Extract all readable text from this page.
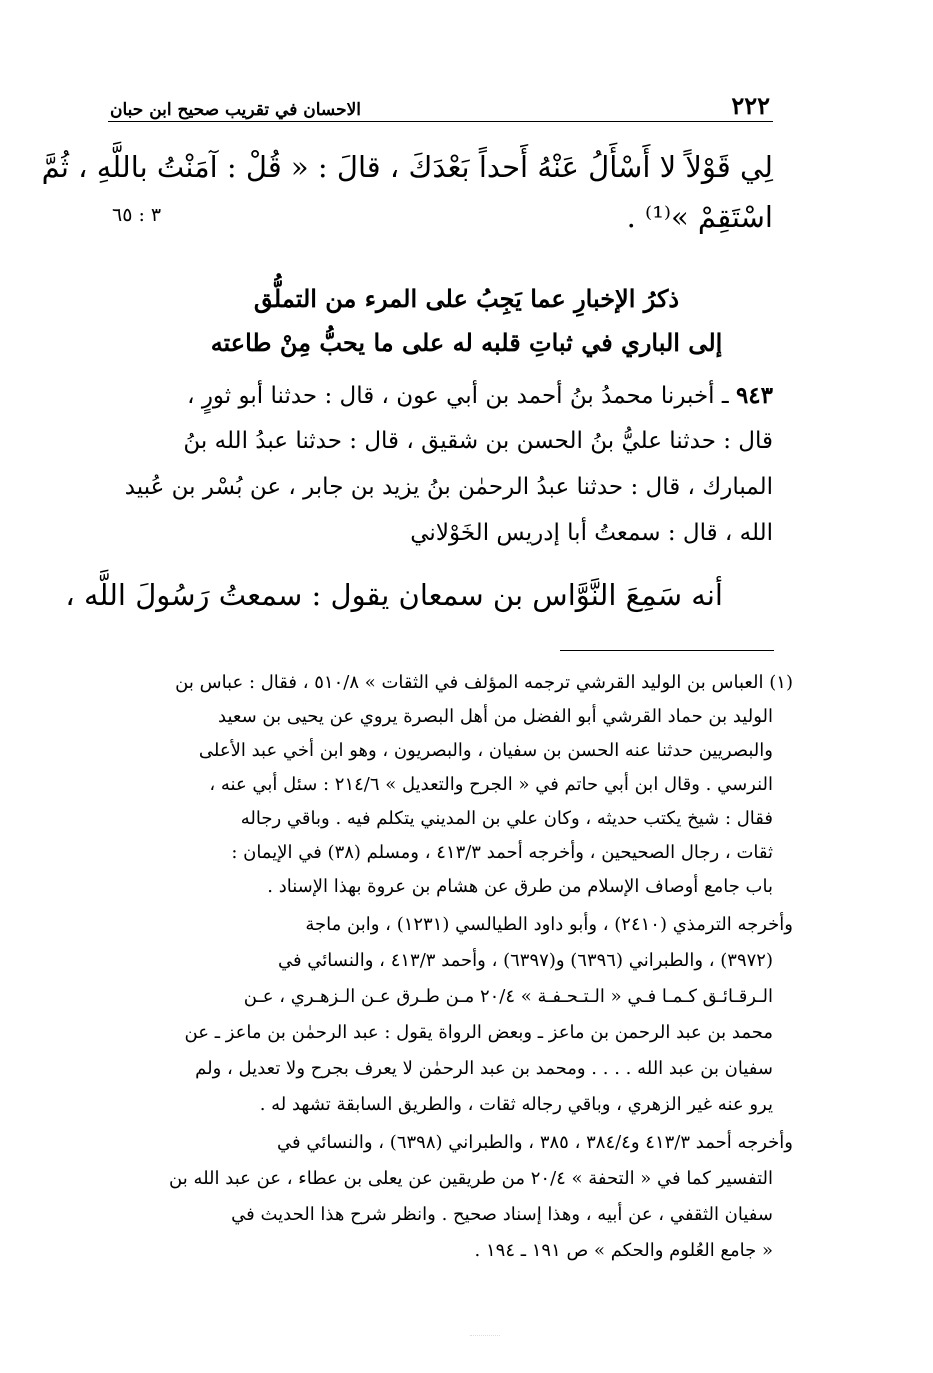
٢٢٢
الاحسان في تقريب صحيح ابن حبان
لِي قَوْلاً لا أَسْأَلُ عَنْهُ أَحداً بَعْدَكَ ، قالَ : « قُلْ : آمَنْتُ باللَّهِ ، ثُمَّ
اسْتَقِمْ »⁽¹⁾ .
٣ : ٦٥
ذكرُ الإخبارِ عما يَجِبُ على المرء من التملُّق
إلى الباري في ثباتِ قلبه له على ما يحبُّ مِنْ طاعته
٩٤٣ ـ أخبرنا محمدُ بنُ أحمد بن أبي عون ، قال : حدثنا أبو ثورٍ ،
قال : حدثنا عليُّ بنُ الحسن بن شقيق ، قال : حدثنا عبدُ الله بنُ
المبارك ، قال : حدثنا عبدُ الرحمٰن بنُ يزيد بن جابر ، عن بُسْر بن عُبيد
الله ، قال : سمعتُ أبا إدريس الخَوْلاني
أنه سَمِعَ النَّوَّاس بن سمعان يقول : سمعتُ رَسُولَ اللَّه ،
(١) العباس بن الوليد القرشي ترجمه المؤلف في الثقات » ٥١٠/٨ ، فقال : عباس بن
الوليد بن حماد القرشي أبو الفضل من أهل البصرة يروي عن يحيى بن سعيد
والبصريين حدثنا عنه الحسن بن سفيان ، والبصريون ، وهو ابن أخي عبد الأعلى
النرسي . وقال ابن أبي حاتم في « الجرح والتعديل » ٢١٤/٦ : سئل أبي عنه ،
فقال : شيخ يكتب حديثه ، وكان علي بن المديني يتكلم فيه . وباقي رجاله
ثقات ، رجال الصحيحين ، وأخرجه أحمد ٤١٣/٣ ، ومسلم (٣٨) في الإيمان :
باب جامع أوصاف الإسلام من طرق عن هشام بن عروة بهذا الإسناد .
وأخرجه الترمذي (٢٤١٠) ، وأبو داود الطيالسي (١٢٣١) ، وابن ماجة
(٣٩٧٢) ، والطبراني (٦٣٩٦) و(٦٣٩٧) ، وأحمد ٤١٣/٣ ، والنسائي في
الـرقـائـق كـمـا فـي « الـتـحـفـة » ٢٠/٤ مـن طـرق عـن الـزهـري ، عـن
محمد بن عبد الرحمن بن ماعز ـ وبعض الرواة يقول : عبد الرحمٰن بن ماعز ـ عن
سفيان بن عبد الله . . . . ومحمد بن عبد الرحمٰن لا يعرف بجرح ولا تعديل ، ولم
يرو عنه غير الزهري ، وباقي رجاله ثقات ، والطريق السابقة تشهد له .
وأخرجه أحمد ٤١٣/٣ و٣٨٤/٤ ، ٣٨٥ ، والطبراني (٦٣٩٨) ، والنسائي في
التفسير كما في « التحفة » ٢٠/٤ من طريقين عن يعلى بن عطاء ، عن عبد الله بن
سفيان الثقفي ، عن أبيه ، وهذا إسناد صحيح . وانظر شرح هذا الحديث في
« جامع العُلوم والحكم » ص ١٩١ ـ ١٩٤ .
